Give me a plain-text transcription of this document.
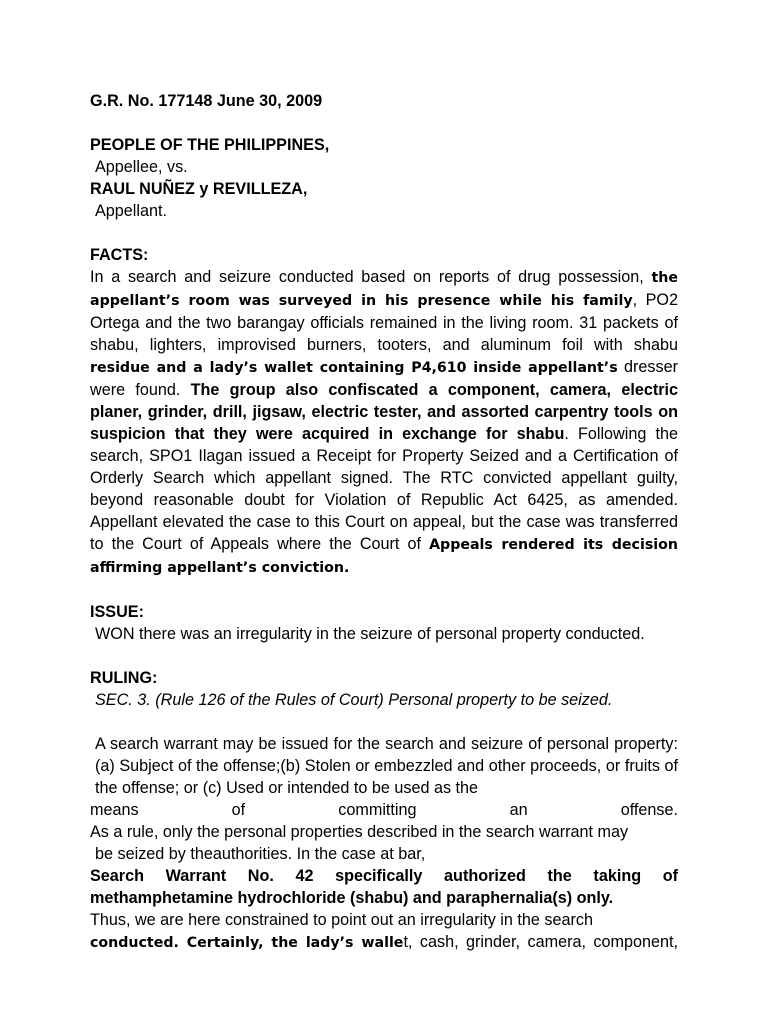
G.R. No. 177148 June 30, 2009

PEOPLE OF THE PHILIPPINES,

Appellee, vs.

RAUL NUÑEZ y REVILLEZA,

Appellant.

FACTS:

In a search and seizure conducted based on reports of drug possession, the appellant’s room was surveyed in his presence while his family, PO2 Ortega and the two barangay officials remained in the living room. 31 packets of shabu, lighters, improvised burners, tooters, and aluminum foil with shabu residue and a lady’s wallet containing P4,610 inside appellant’s dresser were found. The group also confiscated a component, camera, electric planer, grinder, drill, jigsaw, electric tester, and assorted carpentry tools on suspicion that they were acquired in exchange for shabu. Following the search, SPO1 Ilagan issued a Receipt for Property Seized and a Certification of Orderly Search which appellant signed. The RTC convicted appellant guilty, beyond reasonable doubt for Violation of Republic Act 6425, as amended. Appellant elevated the case to this Court on appeal, but the case was transferred to the Court of Appeals where the Court of Appeals rendered its decision affirming appellant’s conviction.

ISSUE:

WON there was an irregularity in the seizure of personal property conducted.

RULING:

SEC. 3. (Rule 126 of the Rules of Court) Personal property to be seized.

A search warrant may be issued for the search and seizure of personal property:(a) Subject of the offense;(b) Stolen or embezzled and other proceeds, or fruits of the offense; or (c) Used or intended to be used as the

means	of	committing	an	offense.

As a rule, only the personal properties described in the search warrant may

be seized by theauthorities. In the case at bar,

Search Warrant No. 42 specifically authorized the taking of methamphetamine hydrochloride (shabu) and paraphernalia(s) only.

Thus, we are here constrained to point out an irregularity in the search

conducted. Certainly, the lady’s wallet, cash, grinder, camera, component,
